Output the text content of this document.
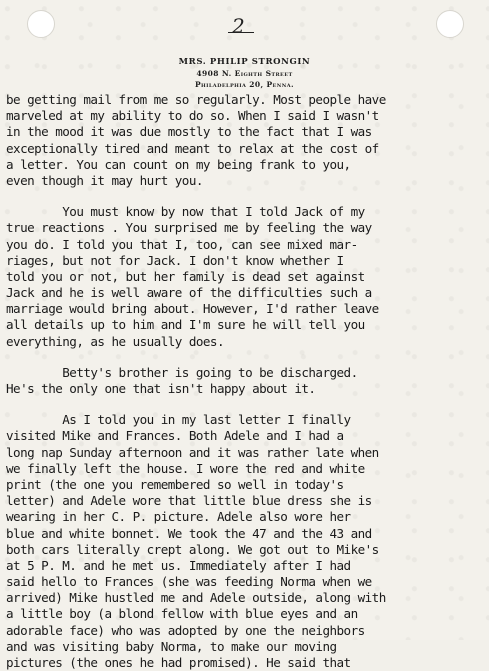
2
MRS. PHILIP STRONGIN
4908 N. Eighth Street
Philadelphia 20, Penna.
be getting mail from me so regularly. Most people have
marveled at my ability to do so. When I said I wasn't
in the mood it was due mostly to the fact that I was
exceptionally tired and meant to relax at the cost of
a letter. You can count on my being frank to you,
even though it may hurt you.
You must know by now that I told Jack of my
true reactions . You surprised me by feeling the way
you do. I told you that I, too, can see mixed mar-
riages, but not for Jack. I don't know whether I
told you or not, but her family is dead set against
Jack and he is well aware of the difficulties such a
marriage would bring about. However, I'd rather leave
all details up to him and I'm sure he will tell you
everything, as he usually does.
Betty's brother is going to be discharged.
He's the only one that isn't happy about it.
As I told you in my last letter I finally
visited Mike and Frances. Both Adele and I had a
long nap Sunday afternoon and it was rather late when
we finally left the house. I wore the red and white
print (the one you remembered so well in today's
letter) and Adele wore that little blue dress she is
wearing in her C. P. picture. Adele also wore her
blue and white bonnet. We took the 47 and the 43 and
both cars literally crept along. We got out to Mike's
at 5 P. M. and he met us. Immediately after I had
said hello to Frances (she was feeding Norma when we
arrived) Mike hustled me and Adele outside, along with
a little boy (a blond fellow with blue eyes and an
adorable face) who was adopted by one the neighbors
and was visiting baby Norma, to make our moving
pictures (the ones he had promised). He said that
